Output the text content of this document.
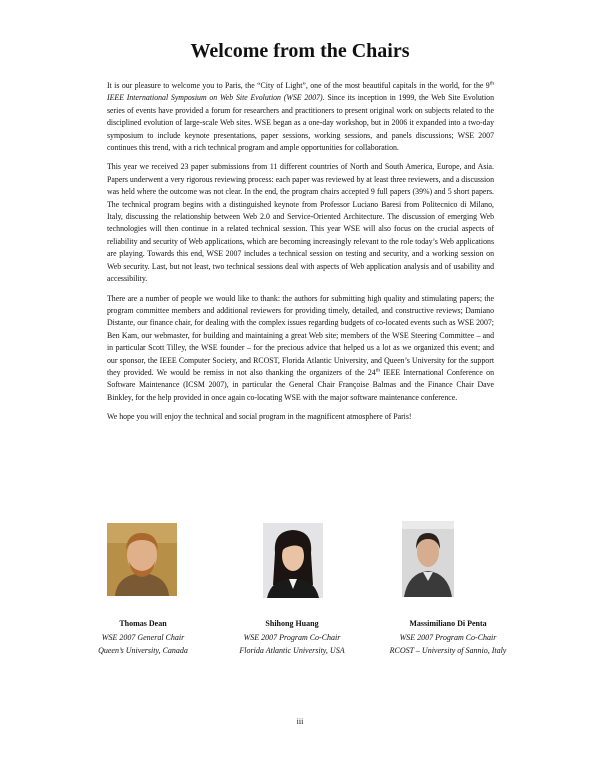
Welcome from the Chairs

It is our pleasure to welcome you to Paris, the “City of Light”, one of the most beautiful capitals in the world, for the 9th IEEE International Symposium on Web Site Evolution (WSE 2007). Since its inception in 1999, the Web Site Evolution series of events have provided a forum for researchers and practitioners to present original work on subjects related to the disciplined evolution of large-scale Web sites. WSE began as a one-day workshop, but in 2006 it expanded into a two-day symposium to include keynote presentations, paper sessions, working sessions, and panels discussions; WSE 2007 continues this trend, with a rich technical program and ample opportunities for collaboration.

This year we received 23 paper submissions from 11 different countries of North and South America, Europe, and Asia. Papers underwent a very rigorous reviewing process: each paper was reviewed by at least three reviewers, and a discussion was held where the outcome was not clear. In the end, the program chairs accepted 9 full papers (39%) and 5 short papers. The technical program begins with a distinguished keynote from Professor Luciano Baresi from Politecnico di Milano, Italy, discussing the relationship between Web 2.0 and Service-Oriented Architecture. The discussion of emerging Web technologies will then continue in a related technical session. This year WSE will also focus on the crucial aspects of reliability and security of Web applications, which are becoming increasingly relevant to the role today’s Web applications are playing. Towards this end, WSE 2007 includes a technical session on testing and security, and a working session on Web security. Last, but not least, two technical sessions deal with aspects of Web application analysis and of usability and accessibility.

There are a number of people we would like to thank: the authors for submitting high quality and stimulating papers; the program committee members and additional reviewers for providing timely, detailed, and constructive reviews; Damiano Distante, our finance chair, for dealing with the complex issues regarding budgets of co-located events such as WSE 2007; Ben Kam, our webmaster, for building and maintaining a great Web site; members of the WSE Steering Committee – and in particular Scott Tilley, the WSE founder – for the precious advice that helped us a lot as we organized this event; and our sponsor, the IEEE Computer Society, and RCOST, Florida Atlantic University, and Queen’s University for the support they provided. We would be remiss in not also thanking the organizers of the 24th IEEE International Conference on Software Maintenance (ICSM 2007), in particular the General Chair Françoise Balmas and the Finance Chair Dave Binkley, for the help provided in once again co-locating WSE with the major software maintenance conference.

We hope you will enjoy the technical and social program in the magnificent atmosphere of Paris!

Thomas Dean
WSE 2007 General Chair
Queen’s University, Canada
Shihong Huang
WSE 2007 Program Co-Chair
Florida Atlantic University, USA
Massimiliano Di Penta
WSE 2007 Program Co-Chair
RCOST – University of Sannio, Italy
iii
